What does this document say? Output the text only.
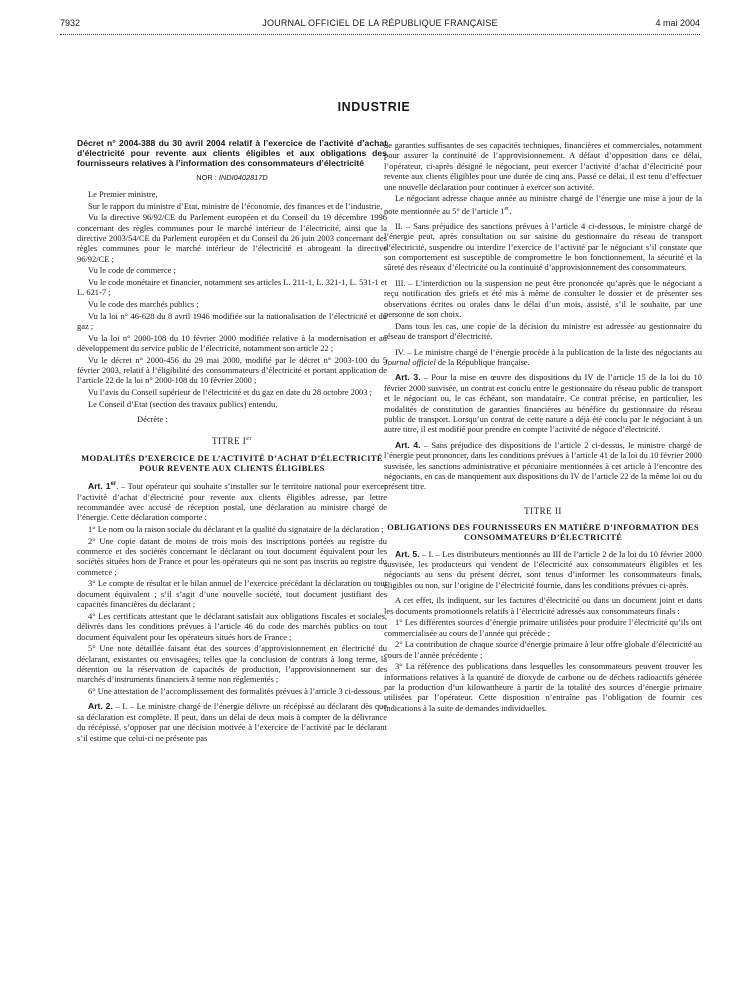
7932	JOURNAL OFFICIEL DE LA RÉPUBLIQUE FRANÇAISE	4 mai 2004
INDUSTRIE
Décret n° 2004-388 du 30 avril 2004 relatif à l’exercice de l’activité d’achat d’électricité pour revente aux clients éligibles et aux obligations des fournisseurs relatives à l’information des consommateurs d’électricité
NOR : INDI0402817D

Le Premier ministre,

Sur le rapport du ministre d’Etat, ministre de l’économie, des finances et de l’industrie,

Vu la directive 96/92/CE du Parlement européen et du Conseil du 19 décembre 1996 concernant des règles communes pour le marché intérieur de l’électricité, ainsi que la directive 2003/54/CE du Parlement européen et du Conseil du 26 juin 2003 concernant des règles communes pour le marché intérieur de l’électricité et abrogeant la directive 96/92/CE ;

Vu le code de commerce ;

Vu le code monétaire et financier, notamment ses articles L. 211-1, L. 321-1, L. 531-1 et L. 621-7 ;

Vu le code des marchés publics ;

Vu la loi n° 46-628 du 8 avril 1946 modifiée sur la nationalisation de l’électricité et du gaz ;

Vu la loi n° 2000-108 du 10 février 2000 modifiée relative à la modernisation et au développement du service public de l’électricité, notamment son article 22 ;

Vu le décret n° 2000-456 du 29 mai 2000, modifié par le décret n° 2003-100 du 5 février 2003, relatif à l’éligibilité des consommateurs d’électricité et portant application de l’article 22 de la loi n° 2000-108 du 10 février 2000 ;

Vu l’avis du Conseil supérieur de l’électricité et du gaz en date du 28 octobre 2003 ;

Le Conseil d’Etat (section des travaux publics) entendu,

Décrète :

TITRE Ier
MODALITÉS D’EXERCICE DE L’ACTIVITÉ D’ACHAT D’ÉLECTRICITÉ POUR REVENTE AUX CLIENTS ÉLIGIBLES

Art. 1er. – Tout opérateur qui souhaite s’installer sur le territoire national pour exercer l’activité d’achat d’électricité pour revente aux clients éligibles adresse, par lettre recommandée avec accusé de réception postal, une déclaration au ministre chargé de l’énergie. Cette déclaration comporte :

1° Le nom ou la raison sociale du déclarant et la qualité du signataire de la déclaration ;

2° Une copie datant de moins de trois mois des inscriptions portées au registre du commerce et des sociétés concernant le déclarant ou tout document équivalent pour les sociétés situées hors de France et pour les opérateurs qui ne sont pas inscrits au registre du commerce ;

3° Le compte de résultat et le bilan annuel de l’exercice précédant la déclaration ou tout document équivalent ; s’il s’agit d’une nouvelle société, tout document justifiant des capacités financières du déclarant ;

4° Les certificats attestant que le déclarant satisfait aux obligations fiscales et sociales, délivrés dans les conditions prévues à l’article 46 du code des marchés publics ou tout document équivalent pour les opérateurs situés hors de France ;

5° Une note détaillée faisant état des sources d’approvisionnement en électricité du déclarant, existantes ou envisagées, telles que la conclusion de contrats à long terme, la détention ou la réservation de capacités de production, l’approvisionnement sur des marchés d’instruments financiers à terme non réglementés ;

6° Une attestation de l’accomplissement des formalités prévues à l’article 3 ci-dessous.

Art. 2. – I. – Le ministre chargé de l’énergie délivre un récépissé au déclarant dès que sa déclaration est complète. Il peut, dans un délai de deux mois à compter de la délivrance du récépissé, s’opposer par une décision motivée à l’exercice de l’activité par le déclarant s’il estime que celui-ci ne présente pas

de garanties suffisantes de ses capacités techniques, financières et commerciales, notamment pour assurer la continuité de l’approvisionnement. A défaut d’opposition dans ce délai, l’opérateur, ci-après désigné le négociant, peut exercer l’activité d’achat d’électricité pour revente aux clients éligibles pour une durée de cinq ans. Passé ce délai, il est tenu d’effectuer une nouvelle déclaration pour continuer à exercer son activité.

Le négociant adresse chaque année au ministre chargé de l’énergie une mise à jour de la note mentionnée au 5° de l’article 1er.

II. – Sans préjudice des sanctions prévues à l’article 4 ci-dessous, le ministre chargé de l’énergie peut, après consultation ou sur saisine du gestionnaire du réseau de transport d’électricité, suspendre ou interdire l’exercice de l’activité par le négociant s’il constate que son comportement est susceptible de compromettre le bon fonctionnement, la sécurité et la sûreté des réseaux d’électricité ou la continuité d’approvisionnement des consommateurs.

III. – L’interdiction ou la suspension ne peut être prononcée qu’après que le négociant a reçu notification des griefs et été mis à même de consulter le dossier et de présenter ses observations écrites ou orales dans le délai d’un mois, assisté, s’il le souhaite, par une personne de son choix.

Dans tous les cas, une copie de la décision du ministre est adressée au gestionnaire du réseau de transport d’électricité.

IV. – Le ministre chargé de l’énergie procède à la publication de la liste des négociants au Journal officiel de la République française.

Art. 3. – Pour la mise en œuvre des dispositions du IV de l’article 15 de la loi du 10 février 2000 susvisée, un contrat est conclu entre le gestionnaire du réseau public de transport et le négociant ou, le cas échéant, son mandataire. Ce contrat précise, en particulier, les modalités de constitution de garanties financières au bénéfice du gestionnaire du réseau public de transport. Lorsqu’un contrat de cette nature a déjà été conclu par le négociant à un autre titre, il est modifié pour prendre en compte l’activité de négoce d’électricité.

Art. 4. – Sans préjudice des dispositions de l’article 2 ci-dessus, le ministre chargé de l’énergie peut prononcer, dans les conditions prévues à l’article 41 de la loi du 10 février 2000 susvisée, les sanctions administrative et pécuniaire mentionnées à cet article à l’encontre des négociants, en cas de manquement aux dispositions du IV de l’article 22 de la même loi ou du présent titre.

TITRE II
OBLIGATIONS DES FOURNISSEURS EN MATIÈRE D’INFORMATION DES CONSOMMATEURS D’ÉLECTRICITÉ

Art. 5. – I. – Les distributeurs mentionnés au III de l’article 2 de la loi du 10 février 2000 susvisée, les producteurs qui vendent de l’électricité aux consommateurs éligibles et les négociants au sens du présent décret, sont tenus d’informer les consommateurs finals, éligibles ou non, sur l’origine de l’électricité fournie, dans les conditions prévues ci-après.

A cet effet, ils indiquent, sur les factures d’électricité ou dans un document joint et dans les documents promotionnels relatifs à l’électricité adressés aux consommateurs finals :

1° Les différentes sources d’énergie primaire utilisées pour produire l’électricité qu’ils ont commercialisée au cours de l’année qui précède ;

2° La contribution de chaque source d’énergie primaire à leur offre globale d’électricité au cours de l’année précédente ;

3° La référence des publications dans lesquelles les consommateurs peuvent trouver les informations relatives à la quantité de dioxyde de carbone ou de déchets radioactifs générée par la production d’un kilowattheure à partir de la totalité des sources d’énergie primaire utilisées par l’opérateur. Cette disposition n’entraîne pas l’obligation de fournir ces indications à la suite de demandes individuelles.
